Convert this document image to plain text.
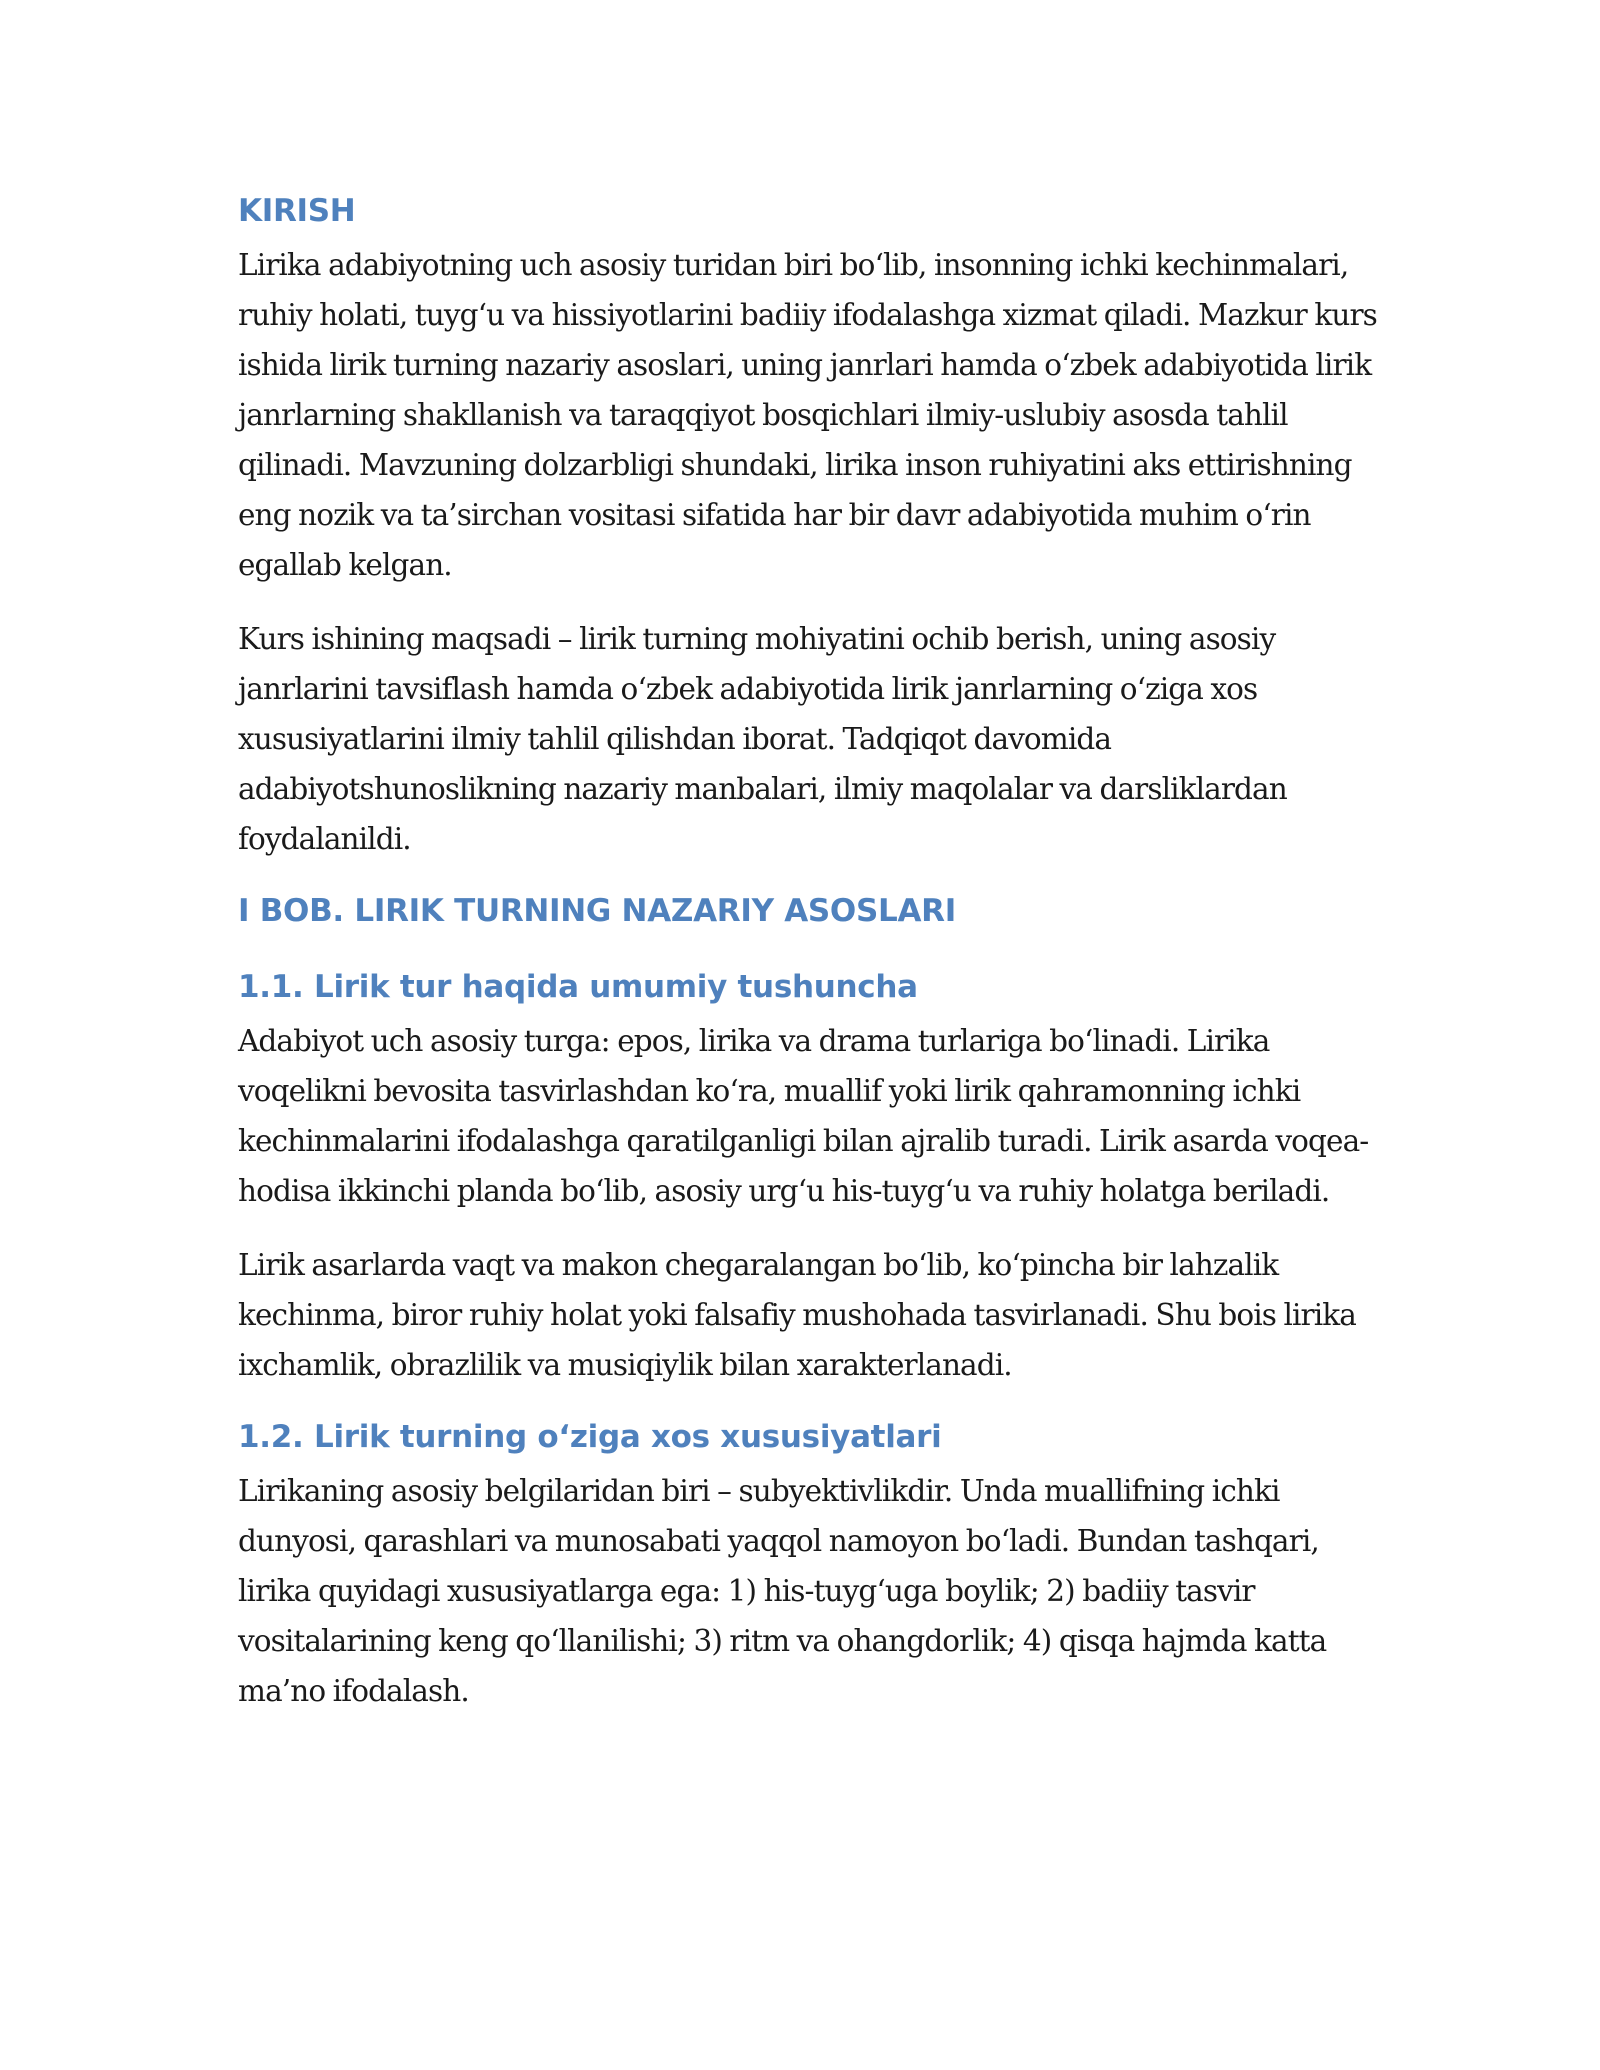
KIRISH

Lirika adabiyotning uch asosiy turidan biri bo‘lib, insonning ichki kechinmalari, ruhiy holati, tuyg‘u va hissiyotlarini badiiy ifodalashga xizmat qiladi. Mazkur kurs ishida lirik turning nazariy asoslari, uning janrlari hamda o‘zbek adabiyotida lirik janrlarning shakllanish va taraqqiyot bosqichlari ilmiy-uslubiy asosda tahlil qilinadi. Mavzuning dolzarbligi shundaki, lirika inson ruhiyatini aks ettirishning eng nozik va ta’sirchan vositasi sifatida har bir davr adabiyotida muhim o‘rin egallab kelgan.

Kurs ishining maqsadi – lirik turning mohiyatini ochib berish, uning asosiy janrlarini tavsiflash hamda o‘zbek adabiyotida lirik janrlarning o‘ziga xos xususiyatlarini ilmiy tahlil qilishdan iborat. Tadqiqot davomida adabiyotshunoslikning nazariy manbalari, ilmiy maqolalar va darsliklardan foydalanildi.

I BOB. LIRIK TURNING NAZARIY ASOSLARI
1.1. Lirik tur haqida umumiy tushuncha

Adabiyot uch asosiy turga: epos, lirika va drama turlariga bo‘linadi. Lirika voqelikni bevosita tasvirlashdan ko‘ra, muallif yoki lirik qahramonning ichki kechinmalarini ifodalashga qaratilganligi bilan ajralib turadi. Lirik asarda voqea-hodisa ikkinchi planda bo‘lib, asosiy urg‘u his-tuyg‘u va ruhiy holatga beriladi.

Lirik asarlarda vaqt va makon chegaralangan bo‘lib, ko‘pincha bir lahzalik kechinma, biror ruhiy holat yoki falsafiy mushohada tasvirlanadi. Shu bois lirika ixchamlik, obrazlilik va musiqiylik bilan xarakterlanadi.

1.2. Lirik turning o‘ziga xos xususiyatlari

Lirikaning asosiy belgilaridan biri – subyektivlikdir. Unda muallifning ichki dunyosi, qarashlari va munosabati yaqqol namoyon bo‘ladi. Bundan tashqari, lirika quyidagi xususiyatlarga ega: 1) his-tuyg‘uga boylik; 2) badiiy tasvir vositalarining keng qo‘llanilishi; 3) ritm va ohangdorlik; 4) qisqa hajmda katta ma’no ifodalash.
